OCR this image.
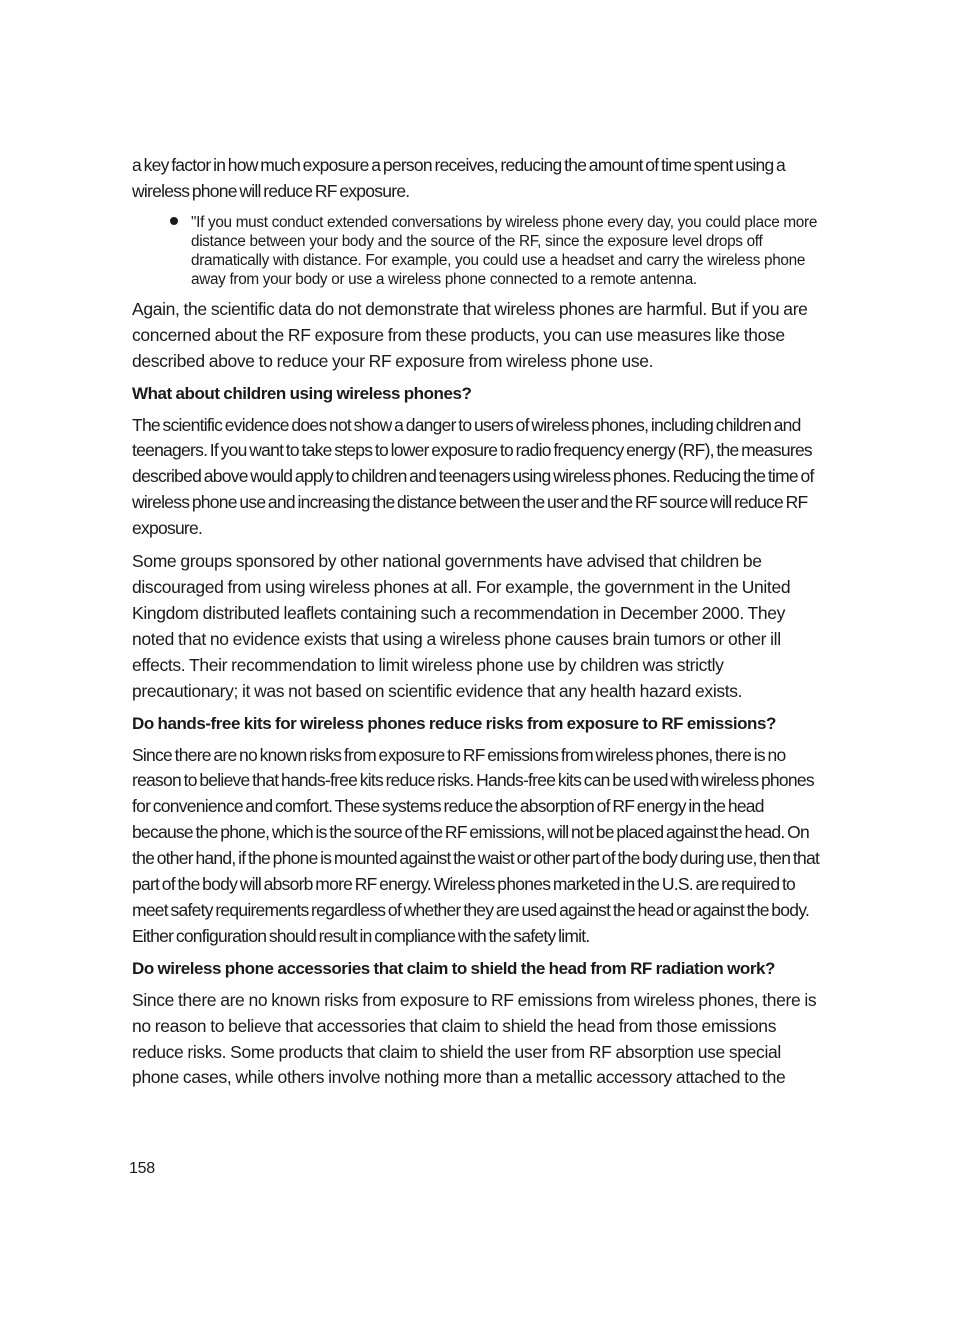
a key factor in how much exposure a person receives, reducing the amount of time spent using a wireless phone will reduce RF exposure.

"If you must conduct extended conversations by wireless phone every day, you could place more distance between your body and the source of the RF, since the exposure level drops off dramatically with distance. For example, you could use a headset and carry the wireless phone away from your body or use a wireless phone connected to a remote antenna.

Again, the scientific data do not demonstrate that wireless phones are harmful. But if you are concerned about the RF exposure from these products, you can use measures like those described above to reduce your RF exposure from wireless phone use.

What about children using wireless phones?

The scientific evidence does not show a danger to users of wireless phones, including children and teenagers. If you want to take steps to lower exposure to radio frequency energy (RF), the measures described above would apply to children and teenagers using wireless phones. Reducing the time of wireless phone use and increasing the distance between the user and the RF source will reduce RF exposure.

Some groups sponsored by other national governments have advised that children be discouraged from using wireless phones at all. For example, the government in the United Kingdom distributed leaflets containing such a recommendation in December 2000. They noted that no evidence exists that using a wireless phone causes brain tumors or other ill effects. Their recommendation to limit wireless phone use by children was strictly precautionary; it was not based on scientific evidence that any health hazard exists.

Do hands-free kits for wireless phones reduce risks from exposure to RF emissions?

Since there are no known risks from exposure to RF emissions from wireless phones, there is no reason to believe that hands-free kits reduce risks. Hands-free kits can be used with wireless phones for convenience and comfort. These systems reduce the absorption of RF energy in the head because the phone, which is the source of the RF emissions, will not be placed against the head. On the other hand, if the phone is mounted against the waist or other part of the body during use, then that part of the body will absorb more RF energy. Wireless phones marketed in the U.S. are required to meet safety requirements regardless of whether they are used against the head or against the body. Either configuration should result in compliance with the safety limit.

Do wireless phone accessories that claim to shield the head from RF radiation work?

Since there are no known risks from exposure to RF emissions from wireless phones, there is no reason to believe that accessories that claim to shield the head from those emissions reduce risks. Some products that claim to shield the user from RF absorption use special phone cases, while others involve nothing more than a metallic accessory attached to the

158
